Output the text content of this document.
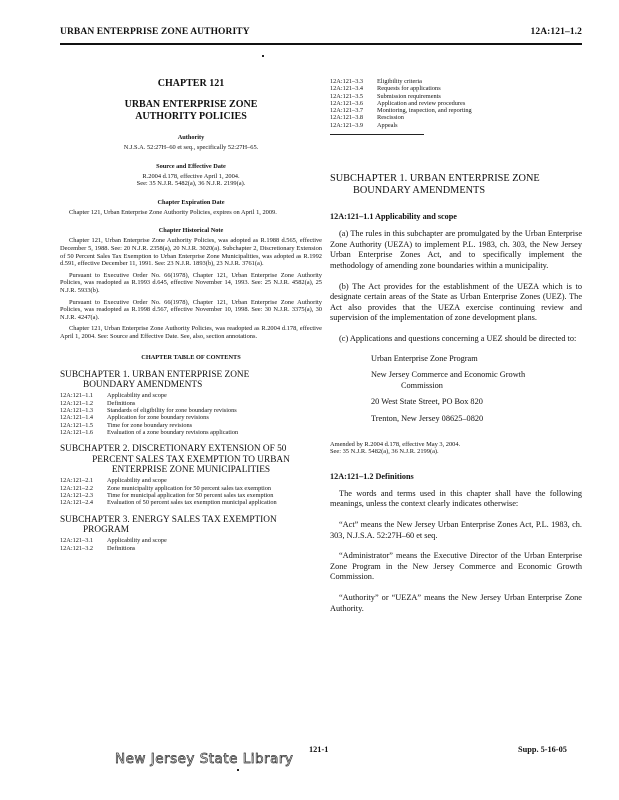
URBAN ENTERPRISE ZONE AUTHORITY	12A:121–1.2

CHAPTER 121

URBAN ENTERPRISE ZONE
AUTHORITY POLICIES

Authority

N.J.S.A. 52:27H–60 et seq., specifically 52:27H–65.

Source and Effective Date

R.2004 d.178, effective April 1, 2004.

See: 35 N.J.R. 5482(a), 36 N.J.R. 2199(a).

Chapter Expiration Date

Chapter 121, Urban Enterprise Zone Authority Policies, expires on April 1, 2009.

Chapter Historical Note

Chapter 121, Urban Enterprise Zone Authority Policies, was adopted as R.1988 d.565, effective December 5, 1988. See: 20 N.J.R. 2358(a), 20 N.J.R. 3020(a). Subchapter 2, Discretionary Extension of 50 Percent Sales Tax Exemption to Urban Enterprise Zone Municipalities, was adopted as R.1992 d.591, effective December 11, 1991. See: 23 N.J.R. 1893(b), 23 N.J.R. 3761(a).

Pursuant to Executive Order No. 66(1978), Chapter 121, Urban Enterprise Zone Authority Policies, was readopted as R.1993 d.645, effective November 14, 1993. See: 25 N.J.R. 4582(a), 25 N.J.R. 5933(b).

Pursuant to Executive Order No. 66(1978), Chapter 121, Urban Enterprise Zone Authority Policies, was readopted as R.1998 d.567, effective November 10, 1998. See: 30 N.J.R. 3375(a), 30 N.J.R. 4247(a).

Chapter 121, Urban Enterprise Zone Authority Policies, was readopted as R.2004 d.178, effective April 1, 2004. See: Source and Effective Date. See, also, section annotations.

CHAPTER TABLE OF CONTENTS

SUBCHAPTER 1. URBAN ENTERPRISE ZONE
BOUNDARY AMENDMENTS

12A:121–1.1	Applicability and scope
12A:121–1.2	Definitions
12A:121–1.3	Standards of eligibility for zone boundary revisions
12A:121–1.4	Application for zone boundary revisions
12A:121–1.5	Time for zone boundary revisions
12A:121–1.6	Evaluation of a zone boundary revisions application

SUBCHAPTER 2. DISCRETIONARY EXTENSION OF 50

PERCENT SALES TAX EXEMPTION TO URBAN

ENTERPRISE ZONE MUNICIPALITIES

12A:121–2.1	Applicability and scope
12A:121–2.2	Zone municipality application for 50 percent sales tax exemption
12A:121–2.3	Time for municipal application for 50 percent sales tax exemption
12A:121–2.4	Evaluation of 50 percent sales tax exemption municipal application

SUBCHAPTER 3. ENERGY SALES TAX EXEMPTION
PROGRAM

12A:121–3.1	Applicability and scope
12A:121–3.2	Definitions
12A:121–3.3	Eligibility criteria
12A:121–3.4	Requests for applications
12A:121–3.5	Submission requirements
12A:121–3.6	Application and review procedures
12A:121–3.7	Monitoring, inspection, and reporting
12A:121–3.8	Rescission
12A:121–3.9	Appeals

SUBCHAPTER 1. URBAN ENTERPRISE ZONE
BOUNDARY AMENDMENTS

12A:121–1.1 Applicability and scope

(a) The rules in this subchapter are promulgated by the Urban Enterprise Zone Authority (UEZA) to implement P.L. 1983, ch. 303, the New Jersey Urban Enterprise Zones Act, and to specifically implement the methodology of amending zone boundaries within a municipality.

(b) The Act provides for the establishment of the UEZA which is to designate certain areas of the State as Urban Enterprise Zones (UEZ). The Act also provides that the UEZA exercise continuing review and supervision of the implementation of zone development plans.

(c) Applications and questions concerning a UEZ should be directed to:

Urban Enterprise Zone Program
New Jersey Commerce and Economic Growth
Commission
20 West State Street, PO Box 820
Trenton, New Jersey 08625–0820

Amended by R.2004 d.178, effective May 3, 2004.

See: 35 N.J.R. 5482(a), 36 N.J.R. 2199(a).

12A:121–1.2 Definitions

The words and terms used in this chapter shall have the following meanings, unless the context clearly indicates otherwise:

“Act” means the New Jersey Urban Enterprise Zones Act, P.L. 1983, ch. 303, N.J.S.A. 52:27H–60 et seq.

“Administrator” means the Executive Director of the Urban Enterprise Zone Program in the New Jersey Commerce and Economic Growth Commission.

“Authority” or “UEZA” means the New Jersey Urban Enterprise Zone Authority.

New Jersey State Library
121-1	Supp. 5-16-05
